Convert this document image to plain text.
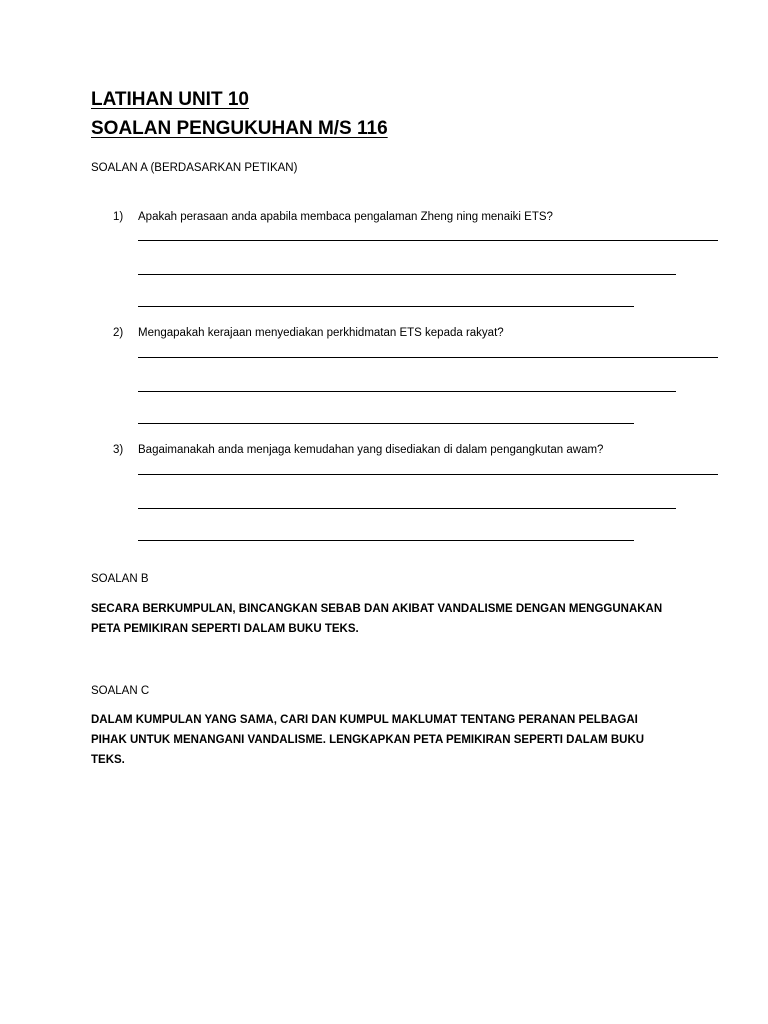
LATIHAN UNIT 10
SOALAN PENGUKUHAN M/S 116
SOALAN A (BERDASARKAN PETIKAN)
1) Apakah perasaan anda apabila membaca pengalaman Zheng ning menaiki ETS?
2) Mengapakah kerajaan menyediakan perkhidmatan ETS kepada rakyat?
3) Bagaimanakah anda menjaga kemudahan yang disediakan di dalam pengangkutan awam?
SOALAN B
SECARA BERKUMPULAN, BINCANGKAN SEBAB DAN AKIBAT VANDALISME DENGAN MENGGUNAKAN
PETA PEMIKIRAN SEPERTI DALAM BUKU TEKS.
SOALAN C
DALAM KUMPULAN YANG SAMA, CARI DAN KUMPUL MAKLUMAT TENTANG PERANAN PELBAGAI
PIHAK UNTUK MENANGANI VANDALISME. LENGKAPKAN PETA PEMIKIRAN SEPERTI DALAM BUKU
TEKS.
